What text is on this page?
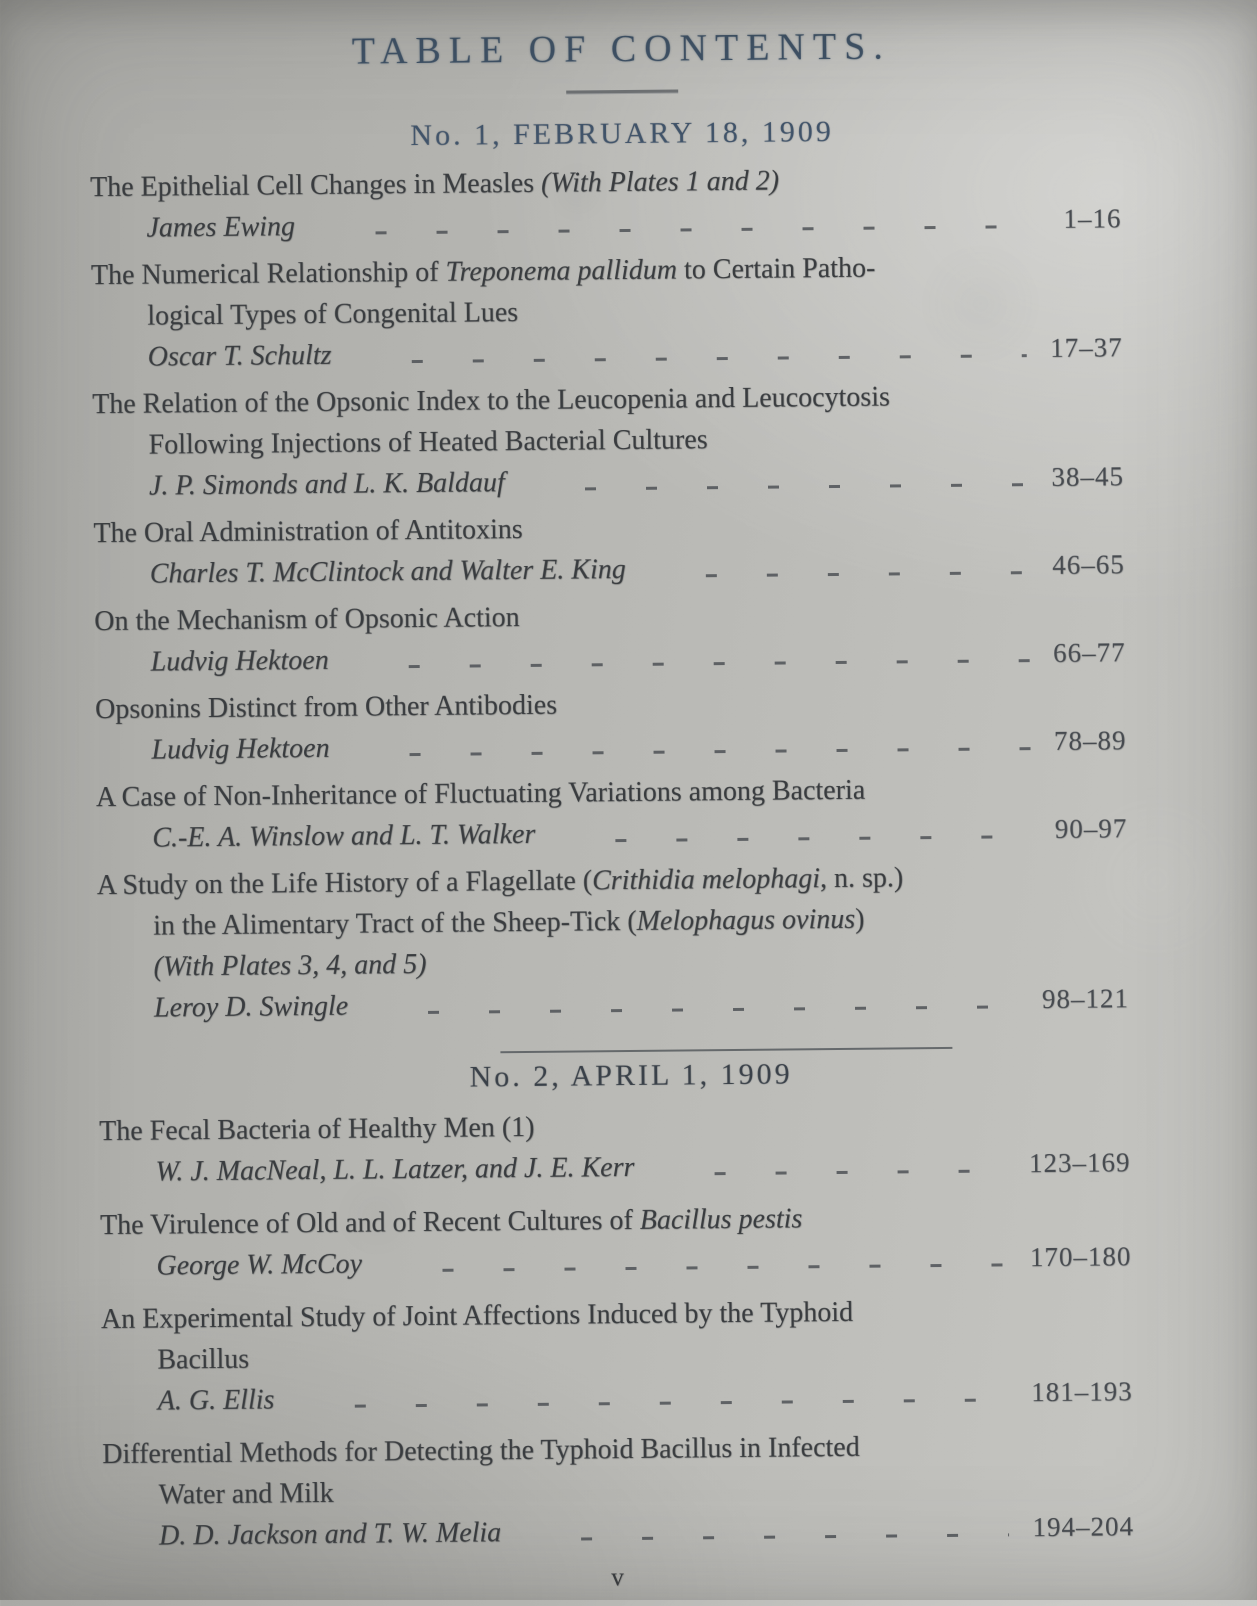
TABLE OF CONTENTS.
No. 1, FEBRUARY 18, 1909
The Epithelial Cell Changes in Measles (With Plates 1 and 2)
James Ewing	1–16
The Numerical Relationship of Treponema pallidum to Certain Patho-
logical Types of Congenital Lues
Oscar T. Schultz	17–37
The Relation of the Opsonic Index to the Leucopenia and Leucocytosis
Following Injections of Heated Bacterial Cultures
J. P. Simonds and L. K. Baldauf	38–45
The Oral Administration of Antitoxins
Charles T. McClintock and Walter E. King	46–65
On the Mechanism of Opsonic Action
Ludvig Hektoen	66–77
Opsonins Distinct from Other Antibodies
Ludvig Hektoen	78–89
A Case of Non-Inheritance of Fluctuating Variations among Bacteria
C.-E. A. Winslow and L. T. Walker	90–97
A Study on the Life History of a Flagellate (Crithidia melophagi, n. sp.)
in the Alimentary Tract of the Sheep-Tick (Melophagus ovinus)
(With Plates 3, 4, and 5)
Leroy D. Swingle	98–121
No. 2, APRIL 1, 1909
The Fecal Bacteria of Healthy Men (1)
W. J. MacNeal, L. L. Latzer, and J. E. Kerr	123–169
The Virulence of Old and of Recent Cultures of Bacillus pestis
George W. McCoy	170–180
An Experimental Study of Joint Affections Induced by the Typhoid
Bacillus
A. G. Ellis	181–193
Differential Methods for Detecting the Typhoid Bacillus in Infected
Water and Milk
D. D. Jackson and T. W. Melia	194–204
v
